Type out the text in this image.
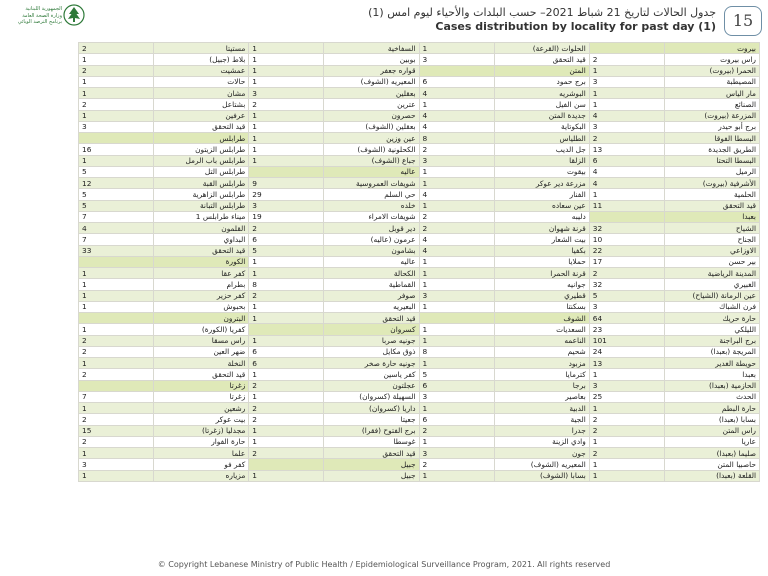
الجمهورية اللبنانية
وزارة الصحة العامة
برنامج الترصد الوبائي
جدول الحالات لتاريخ 21 شباط 2021– حسب البلدات والأحياء ليوم امس (1)
Cases distribution by locality for past day (1)	15
بيروت		الحلوات (القرعة)	1	السفاخية	1	مستيتا	2
راس بيروت	2	قيد التحقق	3	بوبين	1	بلاط (جبيل)	1
الحمرا (بيروت)	1	المتن		قواره جعفر	1	عمشيت	2
المصيطبة	3	برج حمود	6	المعيريه (الشوف)	1	حالات	1
مار الياس	1	البوشريه	4	بعقلين	3	مشان	1
الصنائع	1	سن الفيل	1	عترين	2	بشتاعل	2
المزرعة (بيروت)	4	جديدة المتن	4	حصرون	1	عرفين	1
برج أبو حيدر	3	البكوتاية	4	بعقلين (الشوف)	1	قيد التحقق	3
البسطا الفوقا	2	الطلياس	8	عين وزين	1	طرابلس	
الطريق الجديدة	13	جل الديب	2	الكحلونية (الشوف)	1	طرابلس الزيتون	16
البسطا التحتا	6	الزلقا	3	جباع (الشوف)	1	طرابلس باب الرمل	1
الرميل	4	بيقوت	1	عاليه		طرابلس التل	5
الأشرفية (بيروت)	4	مزرعة دير عوكر	1	شويفات العمروسية	9	طرابلس القبة	12
الحلمية	1	الفنار	4	حي السلم	29	طرابلس الزاهرية	5
قيد التحقق	11	عين سعاده	1	خلده	3	طرابلس التبانة	5
بعبدا		دليبه	2	شويفات الامراء	19	ميناء طرابلس 1	7
الشياح	32	قرنة شهوان	2	دير قوبل	2	القلمون	4
الجناح	10	بيت الشعار	4	عرمون (عاليه)	6	البداوي	7
الاوزاعي	22	بكفيا	4	بشامون	5	قيد التحقق	33
بير حسن	17	حملايا	1	عاليه	1	الكورة	
المدينة الرياضية	2	قرنة الحمرا	1	الكحالة	1	كفر عقا	1
الغبيري	32	جوانيه	1	القماطية	8	بطرام	1
عين الرمانة (الشياح)	5	قطيري	3	صوفر	2	كفر حزير	1
فرن الشباك	3	بسكنتا	1	البعيريه	1	بحبوش	1
حارة حريك	64	الشوف		قيد التحقق	1	البترون	
الليلكي	23	السعديات	1	كسروان		كفريا (الكورة)	1
برج البراجنة	101	الناعمه	1	جونيه صربا	1	راس مسقا	2
المريجة (بعبدا)	24	شحيم	8	ذوق مكايل	6	ضهر العين	2
حويطة الغدير	13	مزبود	1	جونيه حارة صخر	6	النخلة	1
بعبدا	1	كترمايا	5	كفر ياسين	1	قيد التحقق	2
الحازمية (بعبدا)	3	برجا	6	عجلتون	2	زغرتا	
الحدث	25	بعاصير	3	السهيلة (كسروان)	1	زغرتا	7
حارة البطم	1	الدبية	1	داريا (كسروان)	2	رشعين	1
بسابا (بعبدا)	2	الجية	6	جعيتا	2	بيت عوكر	2
راس المتن	2	جدرا	2	برج الفتوح (فقرا)	1	مجدليا (زغرتا)	15
عاريا	1	وادي الزينة	1	غوسطا	1	حارة الفوار	2
صليما (بعبدا)	2	جون	3	قيد التحقق	2	علما	1
حاصبيا المتن	1	المعيريه (الشوف)	2	جبيل		كفر فو	3
القلعة (بعبدا)	1	بسابا (الشوف)	1	جبيل	1	مزياره	1
© Copyright Lebanese Ministry of Public Health / Epidemiological Surveillance Program, 2021. All rights reserved
